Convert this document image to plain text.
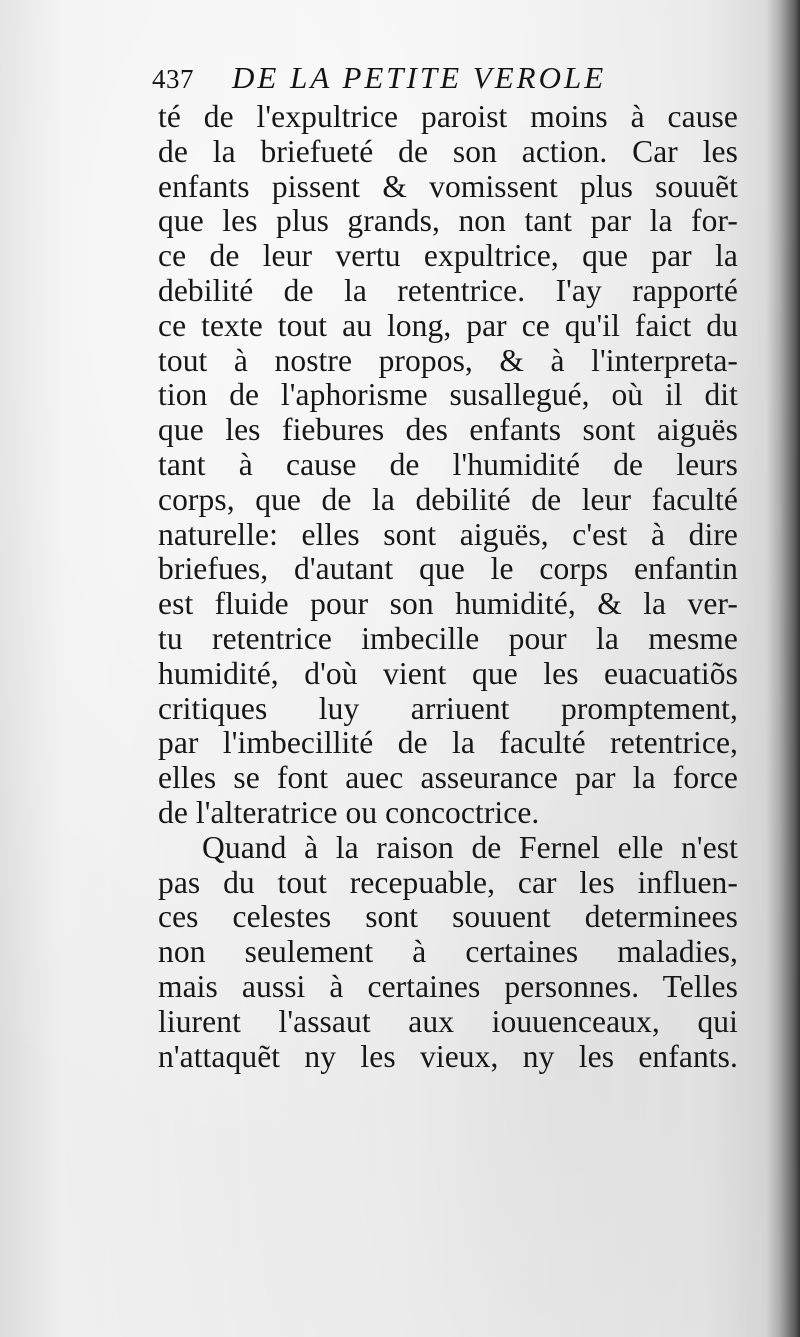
437 DE LA PETITE VEROLE
té de l'expultrice paroist moins à cause
de la briefueté de son action. Car les
enfants pissent & vomissent plus souuẽt
que les plus grands, non tant par la for-
ce de leur vertu expultrice, que par la
debilité de la retentrice. I'ay rapporté
ce texte tout au long, par ce qu'il faict du
tout à nostre propos, & à l'interpreta-
tion de l'aphorisme susallegué, où il dit
que les fiebures des enfants sont aiguës
tant à cause de l'humidité de leurs
corps, que de la debilité de leur faculté
naturelle: elles sont aiguës, c'est à dire
briefues, d'autant que le corps enfantin
est fluide pour son humidité, & la ver-
tu retentrice imbecille pour la mesme
humidité, d'où vient que les euacuatiõs
critiques luy arriuent promptement,
par l'imbecillité de la faculté retentrice,
elles se font auec asseurance par la force
de l'alteratrice ou concoctrice.
Quand à la raison de Fernel elle n'est
pas du tout recepuable, car les influen-
ces celestes sont souuent determinees
non seulement à certaines maladies,
mais aussi à certaines personnes. Telles
liurent l'assaut aux iouuenceaux, qui
n'attaquẽt ny les vieux, ny les enfants.
